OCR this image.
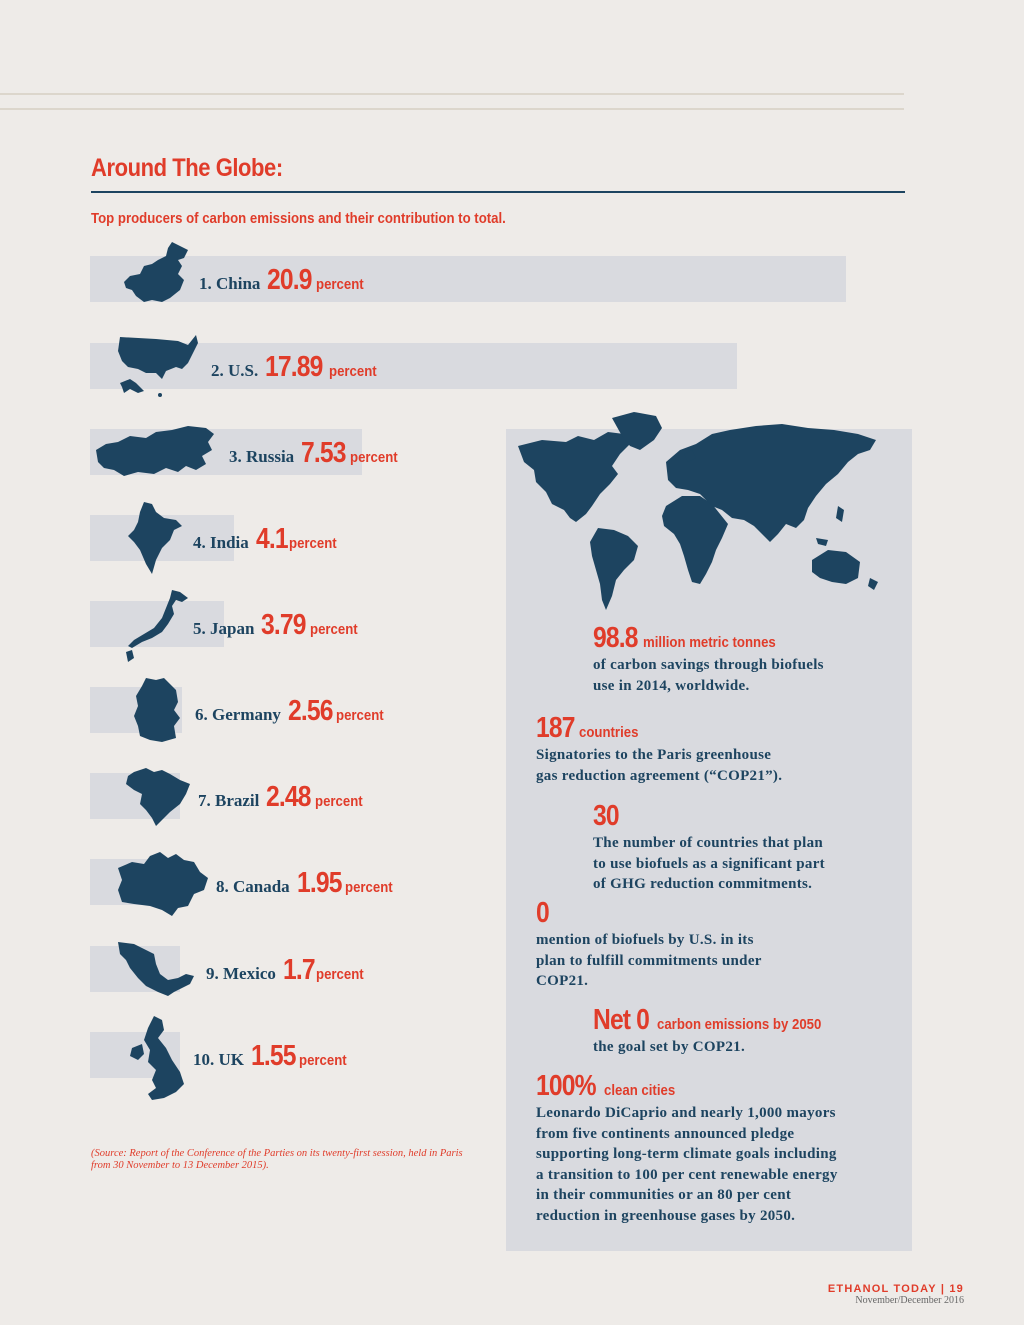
Around The Globe:
Top producers of carbon emissions and their contribution to total.
1. China 20.9 percent
2. U.S. 17.89 percent
3. Russia 7.53 percent
4. India 4.1 percent
5. Japan 3.79 percent
6. Germany 2.56 percent
7. Brazil 2.48 percent
8. Canada 1.95 percent
9. Mexico 1.7 percent
10. UK 1.55 percent
(Source: Report of the Conference of the Parties on its twenty-first session, held in Paris from 30 November to 13 December 2015).
98.8 million metric tonnes
of carbon savings through biofuels
use in 2014, worldwide.
187 countries
Signatories to the Paris greenhouse
gas reduction agreement (“COP21”).
30
The number of countries that plan
to use biofuels as a significant part
of GHG reduction commitments.
0
mention of biofuels by U.S. in its
plan to fulfill commitments under
COP21.
Net 0 carbon emissions by 2050
the goal set by COP21.
100% clean cities
Leonardo DiCaprio and nearly 1,000 mayors
from five continents announced pledge
supporting long-term climate goals including
a transition to 100 per cent renewable energy
in their communities or an 80 per cent
reduction in greenhouse gases by 2050.
ETHANOL TODAY | 19
November/December 2016
